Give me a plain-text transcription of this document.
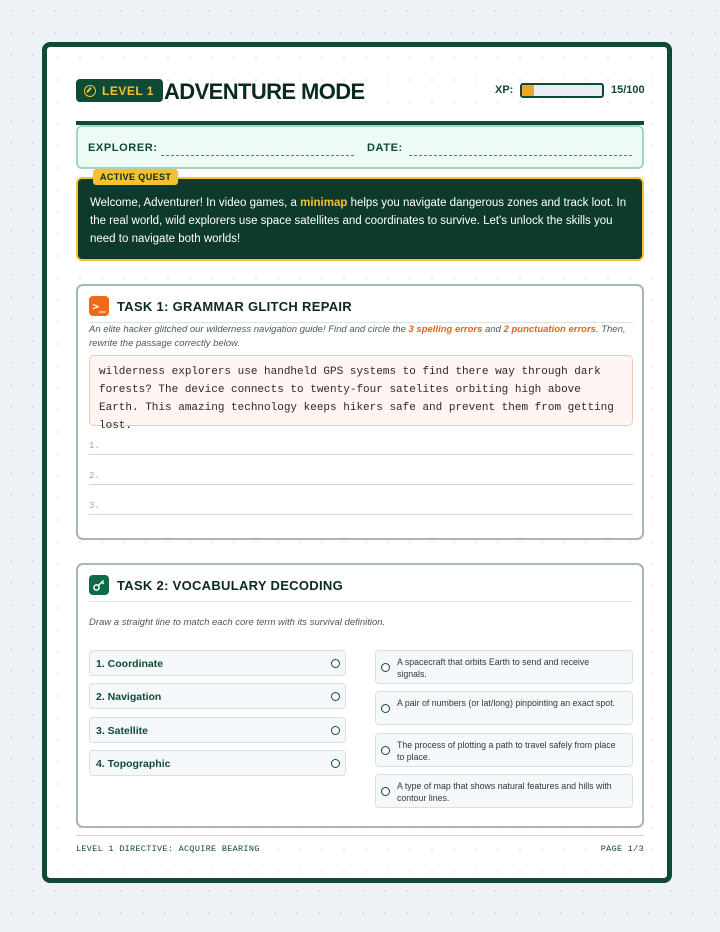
LEVEL 1 ADVENTURE MODE	XP:	15/100
EXPLORER:	DATE:
ACTIVE QUEST
Welcome, Adventurer! In video games, a minimap helps you navigate dangerous zones and track loot. In the real world, wild explorers use space satellites and coordinates to survive. Let's unlock the skills you need to navigate both worlds!
>_ TASK 1: GRAMMAR GLITCH REPAIR
An elite hacker glitched our wilderness navigation guide! Find and circle the 3 spelling errors and 2 punctuation errors. Then, rewrite the passage correctly below.
wilderness explorers use handheld GPS systems to find there way through dark forests? The device connects to twenty-four satelites orbiting high above Earth. This amazing technology keeps hikers safe and prevent them from getting lost.
1.
2.
3.
TASK 2: VOCABULARY DECODING
Draw a straight line to match each core term with its survival definition.
1. Coordinate
2. Navigation
3. Satellite
4. Topographic
A spacecraft that orbits Earth to send and receive signals.
A pair of numbers (or lat/long) pinpointing an exact spot.
The process of plotting a path to travel safely from place to place.
A type of map that shows natural features and hills with contour lines.
LEVEL 1 DIRECTIVE: ACQUIRE BEARING	PAGE 1/3
